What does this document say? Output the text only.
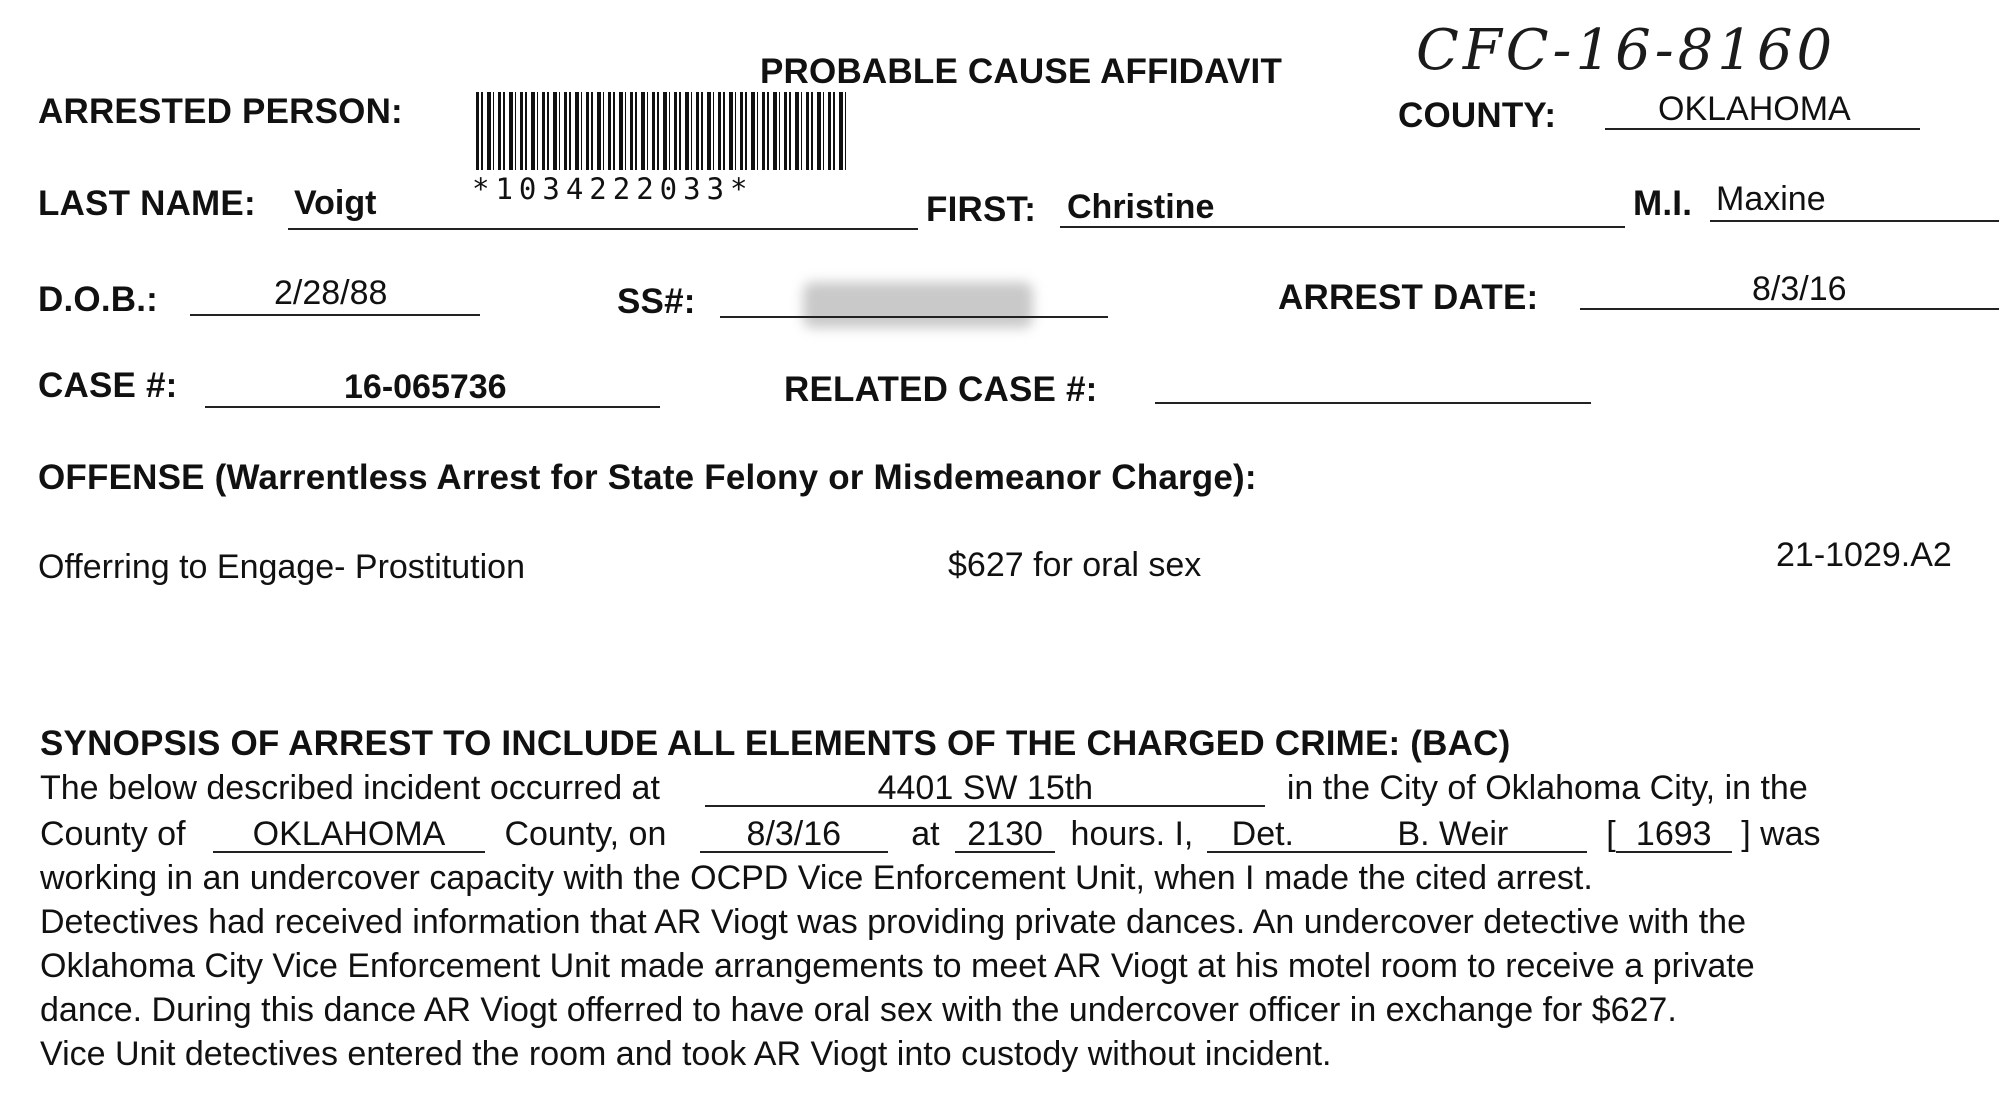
CFC-16-8160
PROBABLE CAUSE AFFIDAVIT
ARRESTED PERSON:
*1034222033*
COUNTY:	OKLAHOMA
LAST NAME: Voigt	FIRST: Christine	M.I. Maxine
D.O.B.:	2/28/88	SS#:	ARREST DATE:	8/3/16
CASE #:	16-065736	RELATED CASE #:
OFFENSE (Warrentless Arrest for State Felony or Misdemeanor Charge):
Offerring to Engage- Prostitution	$627 for oral sex	21-1029.A2
SYNOPSIS OF ARREST TO INCLUDE ALL ELEMENTS OF THE CHARGED CRIME: (BAC)
The below described incident occurred at	4401 SW 15th	in the City of Oklahoma City, in the
County of OKLAHOMA County, on 8/3/16 at 2130 hours. I, Det.	B. Weir	[ 1693 ] was
working in an undercover capacity with the OCPD Vice Enforcement Unit, when I made the cited arrest.
Detectives had received information that AR Viogt was providing private dances. An undercover detective with the
Oklahoma City Vice Enforcement Unit made arrangements to meet AR Viogt at his motel room to receive a private
dance. During this dance AR Viogt offerred to have oral sex with the undercover officer in exchange for $627.
Vice Unit detectives entered the room and took AR Viogt into custody without incident.
